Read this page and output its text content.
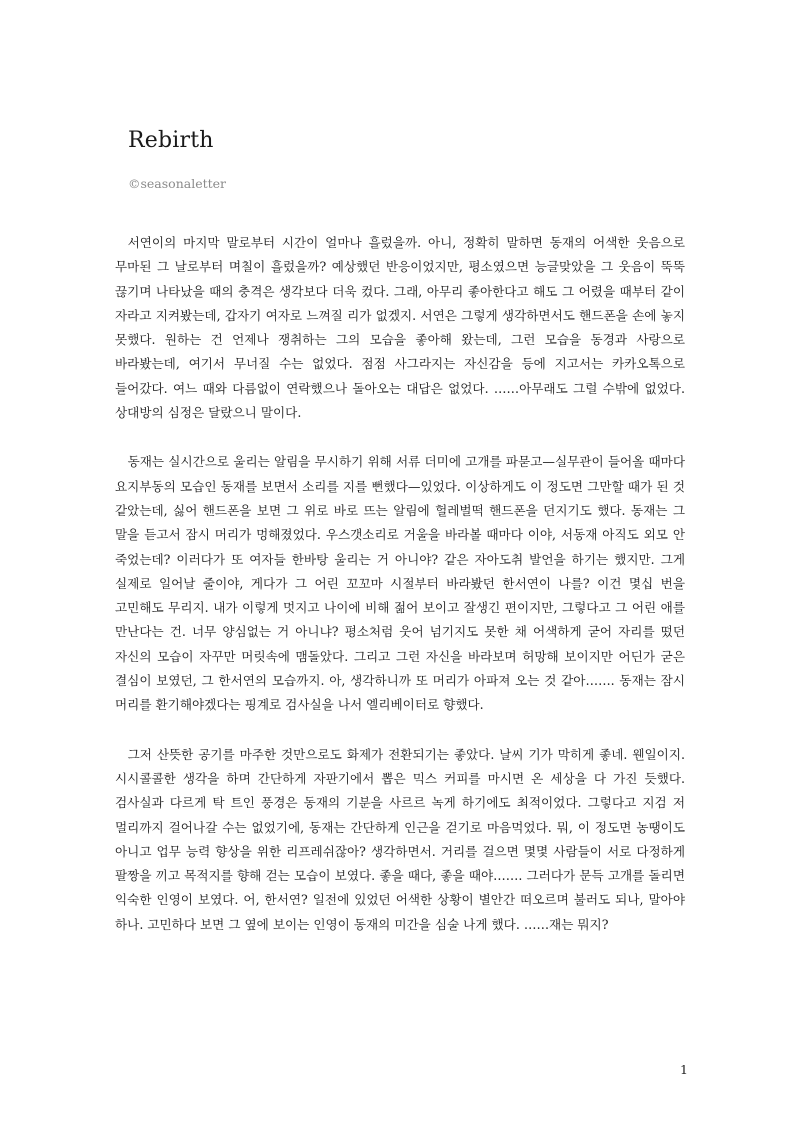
Rebirth

©seasonaletter

서연이의 마지막 말로부터 시간이 얼마나 흘렀을까. 아니, 정확히 말하면 동재의 어색한 웃음으로 무마된 그 날로부터 며칠이 흘렀을까? 예상했던 반응이었지만, 평소였으면 능글맞았을 그 웃음이 뚝뚝 끊기며 나타났을 때의 충격은 생각보다 더욱 컸다. 그래, 아무리 좋아한다고 해도 그 어렸을 때부터 같이 자라고 지켜봤는데, 갑자기 여자로 느껴질 리가 없겠지. 서연은 그렇게 생각하면서도 핸드폰을 손에 놓지 못했다. 원하는 건 언제나 쟁취하는 그의 모습을 좋아해 왔는데, 그런 모습을 동경과 사랑으로 바라봤는데, 여기서 무너질 수는 없었다. 점점 사그라지는 자신감을 등에 지고서는 카카오톡으로 들어갔다. 여느 때와 다름없이 연락했으나 돌아오는 대답은 없었다. ……아무래도 그럴 수밖에 없었다. 상대방의 심정은 달랐으니 말이다.

동재는 실시간으로 울리는 알림을 무시하기 위해 서류 더미에 고개를 파묻고—실무관이 들어올 때마다 요지부동의 모습인 동재를 보면서 소리를 지를 뻔했다—있었다. 이상하게도 이 정도면 그만할 때가 된 것 같았는데, 싫어 핸드폰을 보면 그 위로 바로 뜨는 알림에 헐레벌떡 핸드폰을 던지기도 했다. 동재는 그 말을 듣고서 잠시 머리가 멍해졌었다. 우스갯소리로 거울을 바라볼 때마다 이야, 서동재 아직도 외모 안 죽었는데? 이러다가 또 여자들 한바탕 울리는 거 아니야? 같은 자아도취 발언을 하기는 했지만. 그게 실제로 일어날 줄이야, 게다가 그 어린 꼬꼬마 시절부터 바라봤던 한서연이 나를? 이건 몇십 번을 고민해도 무리지. 내가 이렇게 멋지고 나이에 비해 젊어 보이고 잘생긴 편이지만, 그렇다고 그 어린 애를 만난다는 건. 너무 양심없는 거 아니냐? 평소처럼 웃어 넘기지도 못한 채 어색하게 굳어 자리를 떴던 자신의 모습이 자꾸만 머릿속에 맴돌았다. 그리고 그런 자신을 바라보며 허망해 보이지만 어딘가 굳은 결심이 보였던, 그 한서연의 모습까지. 아, 생각하니까 또 머리가 아파져 오는 것 같아……. 동재는 잠시 머리를 환기해야겠다는 핑계로 검사실을 나서 엘리베이터로 향했다.

그저 산뜻한 공기를 마주한 것만으로도 화제가 전환되기는 좋았다. 날씨 기가 막히게 좋네. 웬일이지. 시시콜콜한 생각을 하며 간단하게 자판기에서 뽑은 믹스 커피를 마시면 온 세상을 다 가진 듯했다. 검사실과 다르게 탁 트인 풍경은 동재의 기분을 사르르 녹게 하기에도 최적이었다. 그렇다고 지검 저 멀리까지 걸어나갈 수는 없었기에, 동재는 간단하게 인근을 걷기로 마음먹었다. 뭐, 이 정도면 농땡이도 아니고 업무 능력 향상을 위한 리프레쉬잖아? 생각하면서. 거리를 걸으면 몇몇 사람들이 서로 다정하게 팔짱을 끼고 목적지를 향해 걷는 모습이 보였다. 좋을 때다, 좋을 때야……. 그러다가 문득 고개를 돌리면 익숙한 인영이 보였다. 어, 한서연? 일전에 있었던 어색한 상황이 별안간 떠오르며 불러도 되나, 말아야 하나. 고민하다 보면 그 옆에 보이는 인영이 동재의 미간을 심술 나게 했다. ……재는 뭐지?

1
